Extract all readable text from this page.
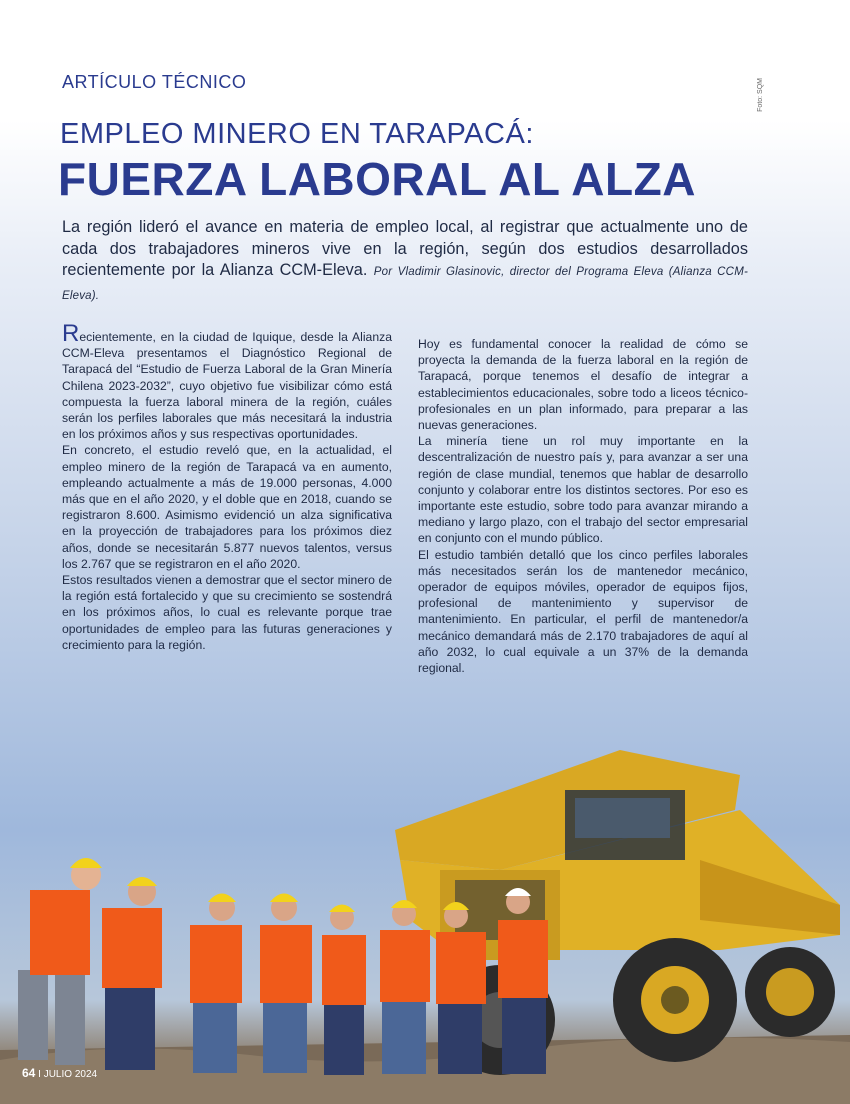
ARTÍCULO TÉCNICO	Foto: SQM
EMPLEO MINERO EN TARAPACÁ:
FUERZA LABORAL AL ALZA
La región lideró el avance en materia de empleo local, al registrar que actualmente uno de cada dos trabajadores mineros vive en la región, según dos estudios desarrollados recientemente por la Alianza CCM-Eleva. Por Vladimir Glasinovic, director del Programa Eleva (Alianza CCM-Eleva).

Recientemente, en la ciudad de Iquique, desde la Alianza CCM-Eleva presentamos el Diagnóstico Regional de Tarapacá del “Estudio de Fuerza Laboral de la Gran Minería Chilena 2023-2032”, cuyo objetivo fue visibilizar cómo está compuesta la fuerza laboral minera de la región, cuáles serán los perfiles laborales que más necesitará la industria en los próximos años y sus respectivas oportunidades.

En concreto, el estudio reveló que, en la actualidad, el empleo minero de la región de Tarapacá va en aumento, empleando actualmente a más de 19.000 personas, 4.000 más que en el año 2020, y el doble que en 2018, cuando se registraron 8.600. Asimismo evidenció un alza significativa en la proyección de trabajadores para los próximos diez años, donde se necesitarán 5.877 nuevos talentos, versus los 2.767 que se registraron en el año 2020.

Estos resultados vienen a demostrar que el sector minero de la región está fortalecido y que su crecimiento se sostendrá en los próximos años, lo cual es relevante porque trae oportunidades de empleo para las futuras generaciones y crecimiento para la región.

Hoy es fundamental conocer la realidad de cómo se proyecta la demanda de la fuerza laboral en la región de Tarapacá, porque tenemos el desafío de integrar a establecimientos educacionales, sobre todo a liceos técnico-profesionales en un plan informado, para preparar a las nuevas generaciones.

La minería tiene un rol muy importante en la descentralización de nuestro país y, para avanzar a ser una región de clase mundial, tenemos que hablar de desarrollo conjunto y colaborar entre los distintos sectores. Por eso es importante este estudio, sobre todo para avanzar mirando a mediano y largo plazo, con el trabajo del sector empresarial en conjunto con el mundo público.

El estudio también detalló que los cinco perfiles laborales más necesitados serán los de mantenedor mecánico, operador de equipos móviles, operador de equipos fijos, profesional de mantenimiento y supervisor de mantenimiento. En particular, el perfil de mantenedor/a mecánico demandará más de 2.170 trabajadores de aquí al año 2032, lo cual equivale a un 37% de la demanda regional.

64 I JULIO 2024
